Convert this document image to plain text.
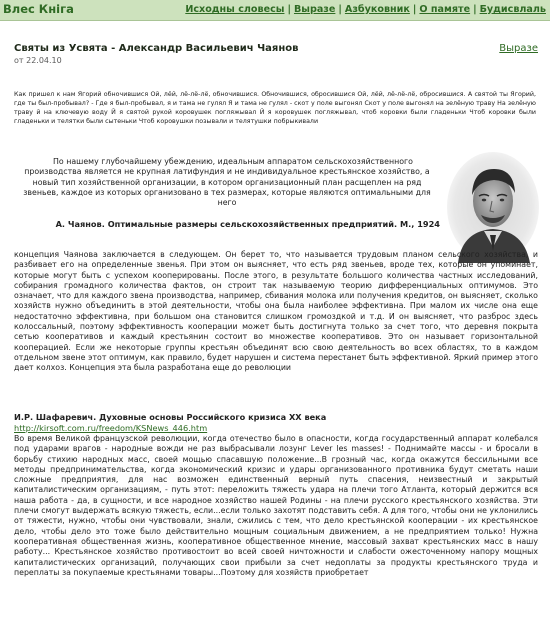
Влес Кніга	Исходны словесы | Выразе | Азбуковник | О памяте | Будисвлаль
Святы из Усвята - Александр Васильевич Чаянов
от 22.04.10
Выразе
Как пришел к нам Ягорий обночившися Ой, лёй, лё-лё-лё, обночившися. Обночившися, обросившися Ой, лёй, лё-лё-лё, обросившися. А святой ты Ягорий, где ты был-пробывал? - Где я был-пробывал, я и тама не гулял Я и тама не гулял - скот у поле выгонял Скот у поле выгонял на зелёную траву На зелёную траву й на ключевую воду Й я святой рукой коровушек погляжывал Й я коровушек погляжывал, чтоб коровки были гладеньки Чтоб коровки были гладеньки и телятки были сытеньки Чтоб коровушки позывали и телятушки побрыкивали
По нашему глубочайшему убеждению, идеальным аппаратом сельскохозяйственного производства является не крупная латифундия и не индивидуальное крестьянское хозяйство, а новый тип хозяйственной организации, в котором организационный план расщеплен на ряд звеньев, каждое из которых организовано в тех размерах, которые являются оптимальными для него
А. Чаянов. Оптимальные размеры сельскохозяйственных предприятий. М., 1924
концепция Чаянова заключается в следующем. Он берет то, что называется трудовым планом сельского хозяйства, и разбивает его на определенные звенья. При этом он выясняет, что есть ряд звеньев, вроде тех, которые он упоминает, которые могут быть с успехом кооперированы. После этого, в результате большого количества частных исследований, собирания громадного количества фактов, он строит так называемую теорию дифференциальных оптимумов. Это означает, что для каждого звена производства, например, сбивания молока или получения кредитов, он выясняет, сколько хозяйств нужно объединить в этой деятельности, чтобы она была наиболее эффективна. При малом их числе она еще недостаточно эффективна, при большом она становится слишком громоздкой и т.д. И он выясняет, что разброс здесь колоссальный, поэтому эффективность кооперации может быть достигнута только за счет того, что деревня покрыта сетью кооперативов и каждый крестьянин состоит во множестве кооперативов. Это он называет горизонтальной кооперацией. Если же некоторые группы крестьян объединят всю свою деятельность во всех областях, то в каждом отдельном звене этот оптимум, как правило, будет нарушен и система перестанет быть эффективной. Яркий пример этого дает колхоз. Концепция эта была разработана еще до революции
И.Р. Шафаревич. Духовные основы Российского кризиса XX века
http://kirsoft.com.ru/freedom/KSNews_446.htm
Во время Великой французской революции, когда отечество было в опасности, когда государственный аппарат колебался под ударами врагов - народные вожди не раз выбрасывали лозунг Lever les masses! - Поднимайте массы - и бросали в борьбу стихию народных масс, своей мощью спасавшую положение...В грозный час, когда окажутся бессильными все методы предпринимательства, когда экономический кризис и удары организованного противника будут сметать наши сложные предприятия, для нас возможен единственный верный путь спасения, неизвестный и закрытый капиталистическим организациям, - путь этот: переложить тяжесть удара на плечи того Атланта, который держится вся наша работа - да, в сущности, и все народное хозяйство нашей Родины - на плечи русского крестьянского хозяйства. Эти плечи смогут выдержать всякую тяжесть, если...если только захотят подставить себя. А для того, чтобы они не уклонились от тяжести, нужно, чтобы они чувствовали, знали, сжились с тем, что дело крестьянской кооперации - их крестьянское дело, чтобы дело это тоже было действительно мощным социальным движением, а не предприятием только! Нужна кооперативная общественная жизнь, кооперативное общественное мнение, массовый захват крестьянских масс в нашу работу... Крестьянское хозяйство противостоит во всей своей ничтожности и слабости ожесточенному напору мощных капиталистических организаций, получающих свои прибыли за счет недоплаты за продукты крестьянского труда и переплаты за покупаемые крестьянами товары...Поэтому для хозяйств приобретает
